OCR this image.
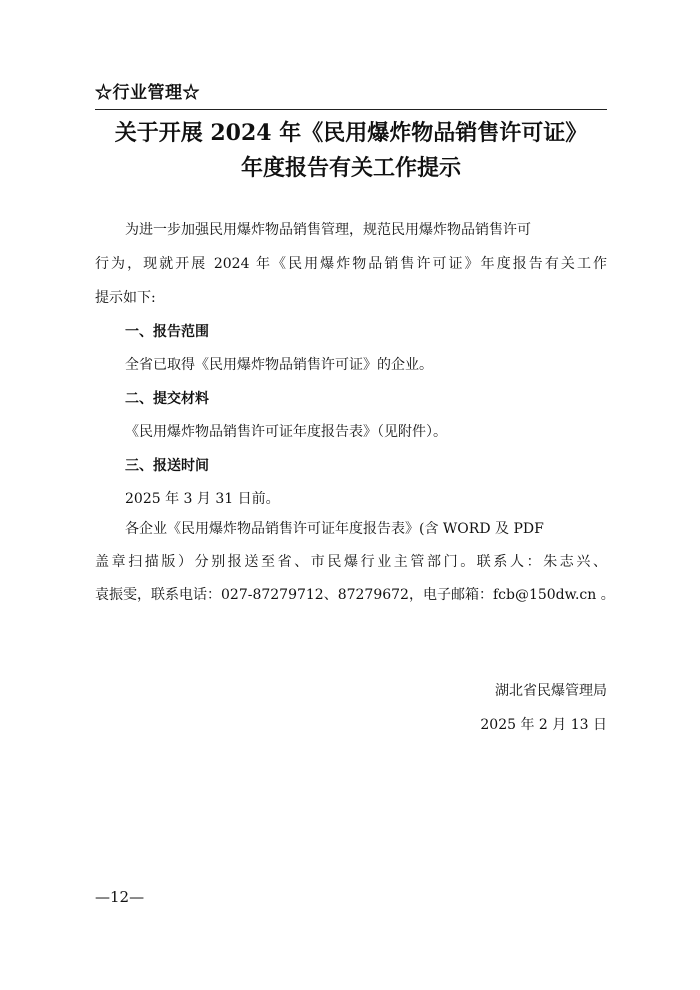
☆行业管理☆
关于开展 2024 年《民用爆炸物品销售许可证》
年度报告有关工作提示
为进一步加强民用爆炸物品销售管理，规范民用爆炸物品销售许可
行为，现就开展 2024 年《民用爆炸物品销售许可证》年度报告有关工作
提示如下:
一、报告范围
全省已取得《民用爆炸物品销售许可证》的企业。
二、提交材料
《民用爆炸物品销售许可证年度报告表》（见附件）。
三、报送时间
2025 年 3 月 31 日前。
各企业《民用爆炸物品销售许可证年度报告表》(含 WORD 及 PDF
盖章扫描版）分别报送至省、市民爆行业主管部门。联系人：朱志兴、
袁振雯，联系电话：027-87279712、87279672，电子邮箱：fcb@150dw.cn 。
湖北省民爆管理局
2025 年 2 月 13 日
—12—
